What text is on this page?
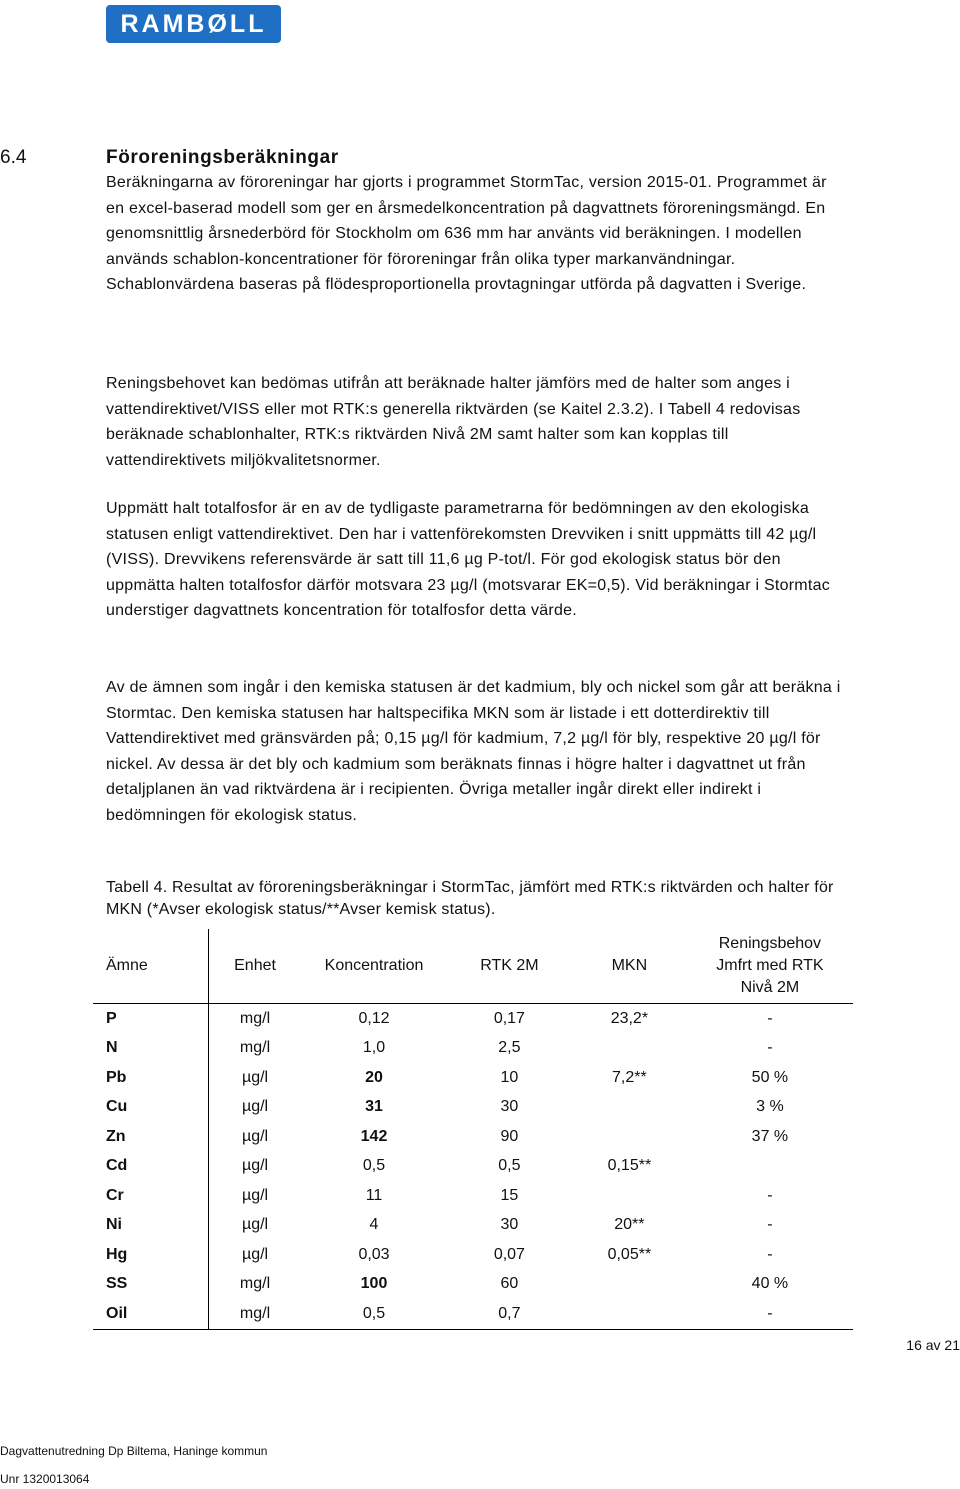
RAMBØLL
6.4	Föroreningsberäkningar

Beräkningarna av föroreningar har gjorts i programmet StormTac, version 2015-01. Programmet är en excel-baserad modell som ger en årsmedelkoncentration på dagvattnets föroreningsmängd. En genomsnittlig årsnederbörd för Stockholm om 636 mm har använts vid beräkningen. I modellen används schablon-koncentrationer för föroreningar från olika typer markanvändningar. Schablonvärdena baseras på flödesproportionella provtagningar utförda på dagvatten i Sverige.

Reningsbehovet kan bedömas utifrån att beräknade halter jämförs med de halter som anges i vattendirektivet/VISS eller mot RTK:s generella riktvärden (se Kaitel 2.3.2). I Tabell 4 redovisas beräknade schablonhalter, RTK:s riktvärden Nivå 2M samt halter som kan kopplas till vattendirektivets miljökvalitetsnormer.

Uppmätt halt totalfosfor är en av de tydligaste parametrarna för bedömningen av den ekologiska statusen enligt vattendirektivet. Den har i vattenförekomsten Drevviken i snitt uppmätts till 42 µg/l (VISS). Drevvikens referensvärde är satt till 11,6 µg P-tot/l. För god ekologisk status bör den uppmätta halten totalfosfor därför motsvara 23 µg/l (motsvarar EK=0,5). Vid beräkningar i Stormtac understiger dagvattnets koncentration för totalfosfor detta värde.

Av de ämnen som ingår i den kemiska statusen är det kadmium, bly och nickel som går att beräkna i Stormtac. Den kemiska statusen har haltspecifika MKN som är listade i ett dotterdirektiv till Vattendirektivet med gränsvärden på; 0,15 µg/l för kadmium, 7,2 µg/l för bly, respektive 20 µg/l för nickel. Av dessa är det bly och kadmium som beräknats finnas i högre halter i dagvattnet ut från detaljplanen än vad riktvärdena är i recipienten. Övriga metaller ingår direkt eller indirekt i bedömningen för ekologisk status.

Tabell 4. Resultat av föroreningsberäkningar i StormTac, jämfört med RTK:s riktvärden och halter för MKN (*Avser ekologisk status/**Avser kemisk status).
Ämne	Enhet	Koncentration	RTK 2M	MKN	Reningsbehov
Jmfrt med RTK
Nivå 2M
P	mg/l	0,12	0,17	23,2*	-
N	mg/l	1,0	2,5		-
Pb	µg/l	20	10	7,2**	50 %
Cu	µg/l	31	30		3 %
Zn	µg/l	142	90		37 %
Cd	µg/l	0,5	0,5	0,15**	
Cr	µg/l	11	15		-
Ni	µg/l	4	30	20**	-
Hg	µg/l	0,03	0,07	0,05**	-
SS	mg/l	100	60		40 %
Oil	mg/l	0,5	0,7		-
16 av 21
Dagvattenutredning Dp Biltema, Haninge kommun
Unr 1320013064
